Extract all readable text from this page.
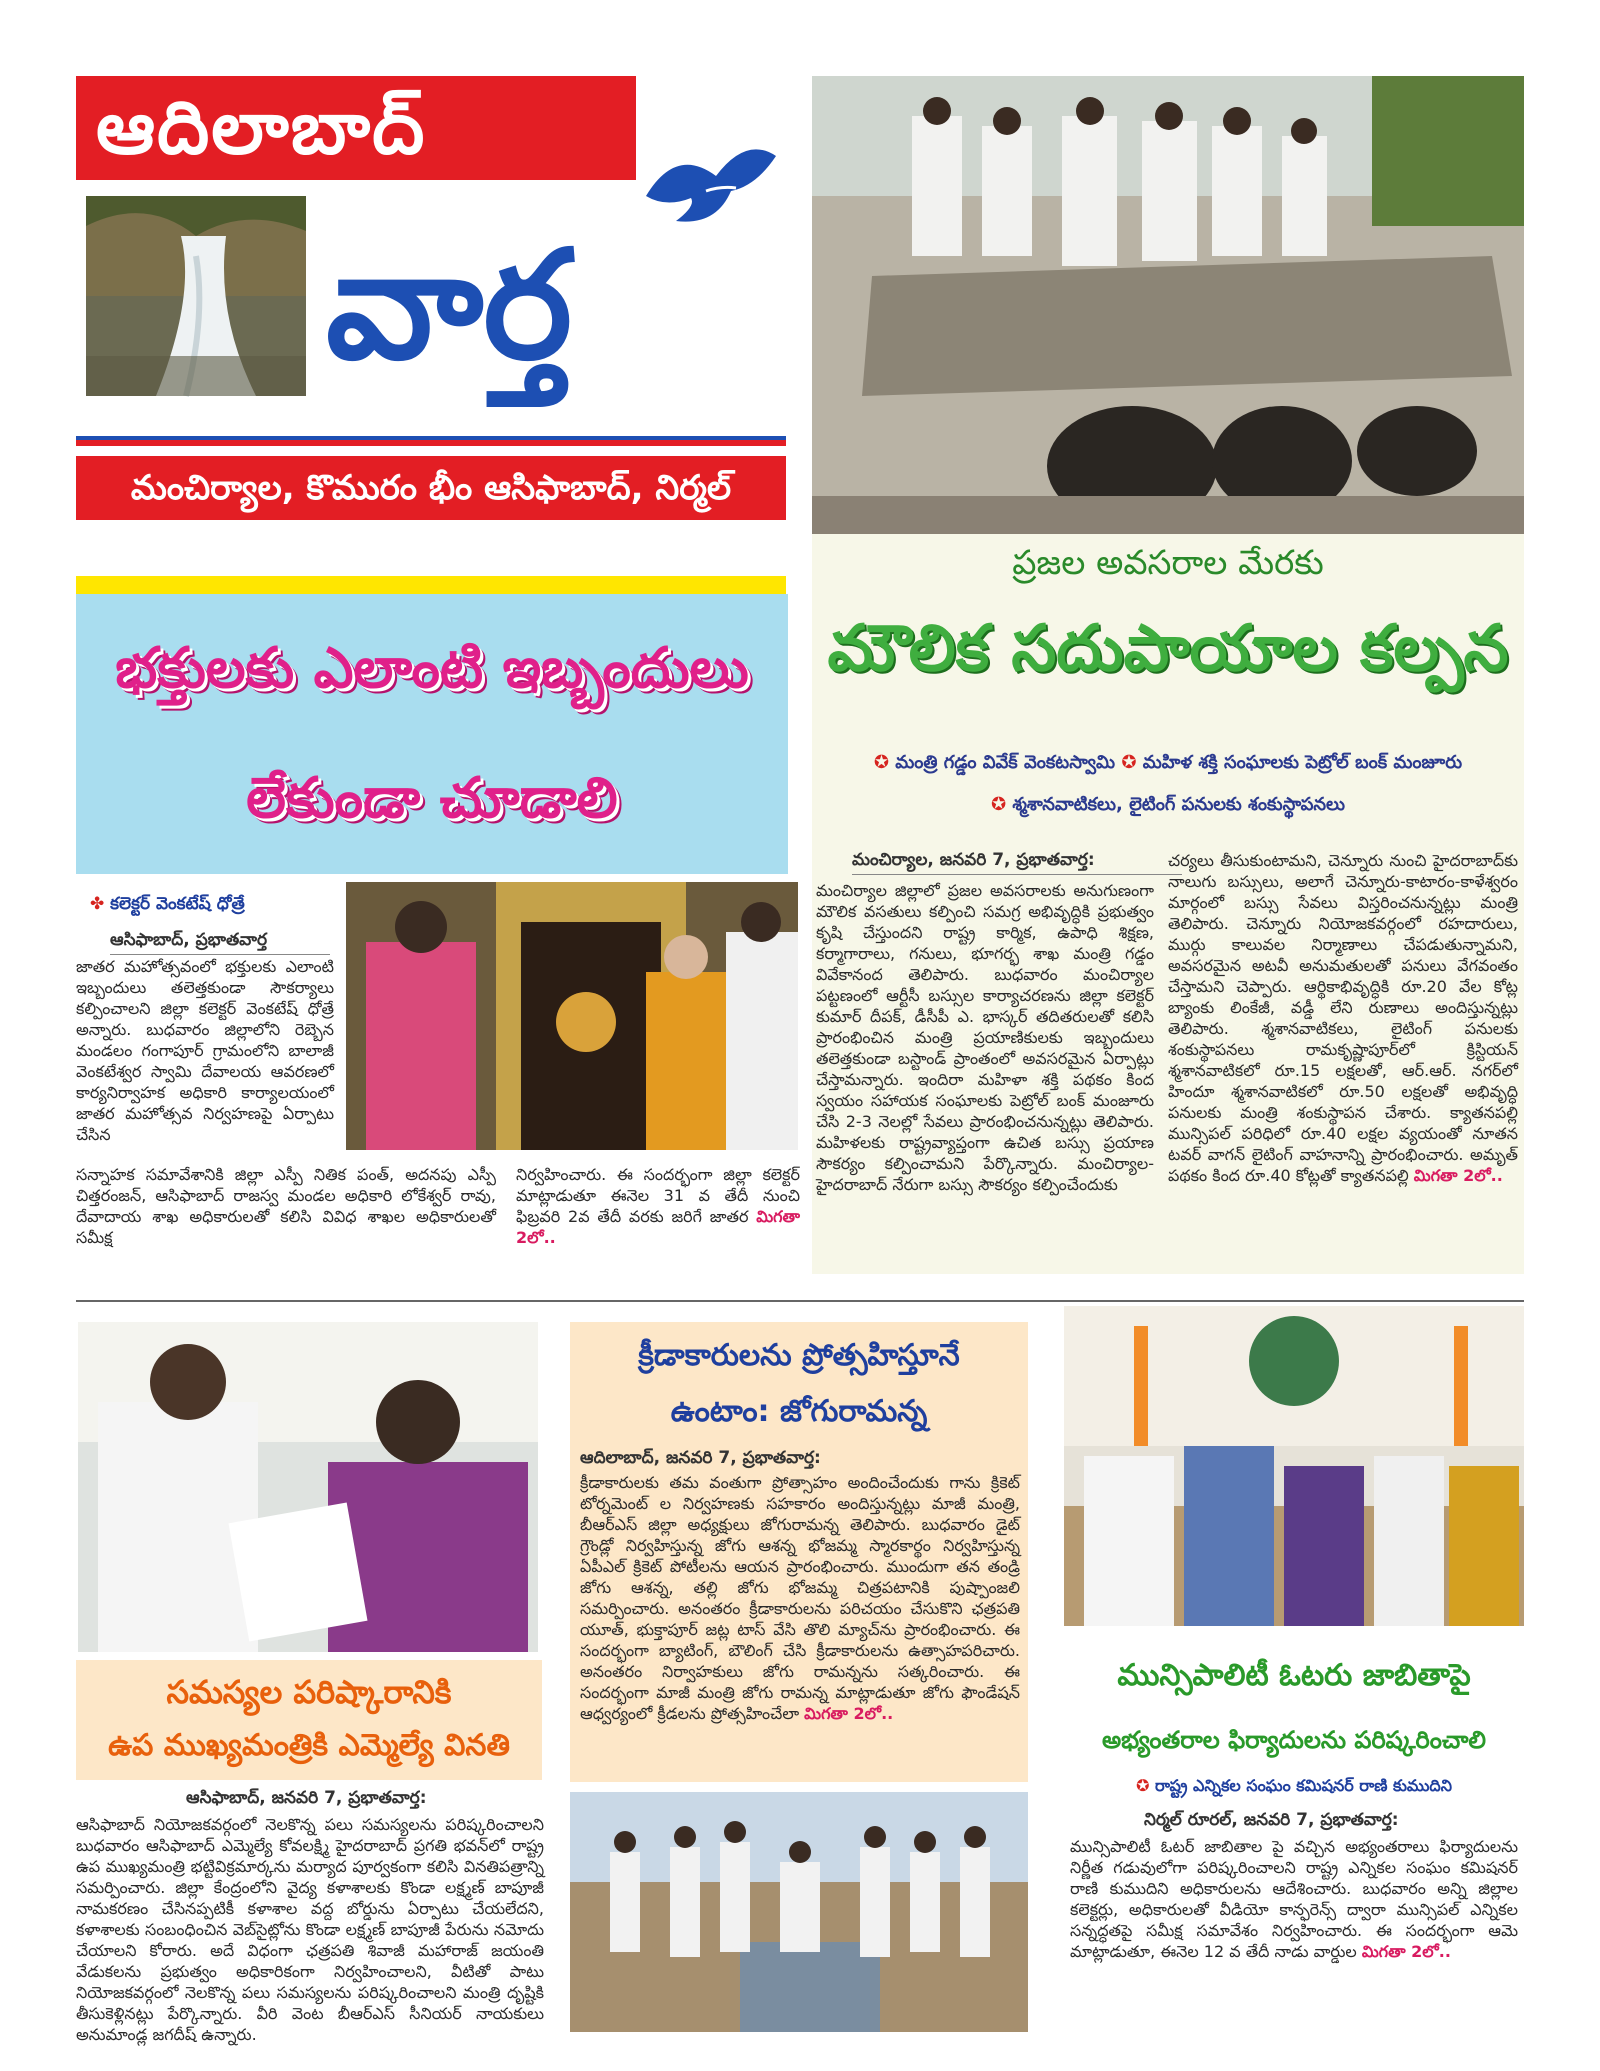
ఆదిలాబాద్
వార్త
మంచిర్యాల, కొమురం భీం ఆసిఫాబాద్, నిర్మల్
ప్రజల అవసరాల మేరకు
మౌలిక సదుపాయాల కల్పన
✪ మంత్రి గడ్డం వివేక్ వెంకటస్వామి ✪ మహిళ శక్తి సంఘాలకు పెట్రోల్ బంక్ మంజూరు
✪ శ్మశానవాటికలు, లైటింగ్ పనులకు శంకుస్థాపనలు
మంచిర్యాల, జనవరి 7, ప్రభాతవార్త:
మంచిర్యాల జిల్లాలో ప్రజల అవసరాలకు అనుగుణంగా మౌలిక వసతులు కల్పించి సమగ్ర అభివృద్ధికి ప్రభుత్వం కృషి చేస్తుందని రాష్ట్ర కార్మిక, ఉపాధి శిక్షణ, కర్మాగారాలు, గనులు, భూగర్భ శాఖ మంత్రి గడ్డం వివేకానంద తెలిపారు. బుధవారం మంచిర్యాల పట్టణంలో ఆర్టీసీ బస్సుల కార్యాచరణను జిల్లా కలెక్టర్ కుమార్ దీపక్, డీసీపీ ఎ. భాస్కర్ తదితరులతో కలిసి ప్రారంభించిన మంత్రి ప్రయాణికులకు ఇబ్బందులు తలెత్తకుండా బస్టాండ్ ప్రాంతంలో అవసరమైన ఏర్పాట్లు చేస్తామన్నారు. ఇందిరా మహిళా శక్తి పథకం కింద స్వయం సహాయక సంఘాలకు పెట్రోల్ బంక్ మంజూరు చేసి 2-3 నెలల్లో సేవలు ప్రారంభించనున్నట్లు తెలిపారు. మహిళలకు రాష్ట్రవ్యాప్తంగా ఉచిత బస్సు ప్రయాణ సౌకర్యం కల్పించామని పేర్కొన్నారు. మంచిర్యాల-హైదరాబాద్ నేరుగా బస్సు సౌకర్యం కల్పించేందుకు
చర్యలు తీసుకుంటామని, చెన్నూరు నుంచి హైదరాబాద్‌కు నాలుగు బస్సులు, అలాగే చెన్నూరు-కాటారం-కాళేశ్వరం మార్గంలో బస్సు సేవలు విస్తరించనున్నట్లు మంత్రి తెలిపారు. చెన్నూరు నియోజకవర్గంలో రహదారులు, ముర్గు కాలువల నిర్మాణాలు చేపడుతున్నామని, అవసరమైన అటవీ అనుమతులతో పనులు వేగవంతం చేస్తామని చెప్పారు. ఆర్థికాభివృద్ధికి రూ.20 వేల కోట్ల బ్యాంకు లింకేజీ, వడ్డీ లేని రుణాలు అందిస్తున్నట్లు తెలిపారు. శ్మశానవాటికలు, లైటింగ్ పనులకు శంకుస్థాపనలు రామకృష్ణాపూర్‌లో క్రిస్టియన్ శ్మశానవాటికలో రూ.15 లక్షలతో, ఆర్.ఆర్. నగర్‌లో హిందూ శ్మశానవాటికలో రూ.50 లక్షలతో అభివృద్ధి పనులకు మంత్రి శంకుస్థాపన చేశారు. క్యాతనపల్లి మున్సిపల్ పరిధిలో రూ.40 లక్షల వ్యయంతో నూతన టవర్ వాగన్ లైటింగ్ వాహనాన్ని ప్రారంభించారు. అమృత్ పథకం కింద రూ.40 కోట్లతో క్యాతనపల్లి మిగతా 2లో..
భక్తులకు ఎలాంటి ఇబ్బందులు
లేకుండా చూడాలి
✤ కలెక్టర్ వెంకటేష్ ధోత్రే
ఆసిఫాబాద్, ప్రభాతవార్త
జాతర మహోత్సవంలో భక్తులకు ఎలాంటి ఇబ్బందులు తలెత్తకుండా సౌకర్యాలు కల్పించాలని జిల్లా కలెక్టర్ వెంకటేష్ ధోత్రే అన్నారు. బుధవారం జిల్లాలోని రెబ్బెన మండలం గంగాపూర్ గ్రామంలోని బాలాజీ వెంకటేశ్వర స్వామి దేవాలయ ఆవరణలో కార్యనిర్వాహక అధికారి కార్యాలయంలో జాతర మహోత్సవ నిర్వహణపై ఏర్పాటు చేసిన
సన్నాహక సమావేశానికి జిల్లా ఎస్పీ నితిక పంత్, అదనపు ఎస్పీ చిత్తరంజన్, ఆసిఫాబాద్ రాజస్వ మండల అధికారి లోకేశ్వర్ రావు, దేవాదాయ శాఖ అధికారులతో కలిసి వివిధ శాఖల అధికారులతో సమీక్ష
నిర్వహించారు. ఈ సందర్భంగా జిల్లా కలెక్టర్ మాట్లాడుతూ ఈనెల 31 వ తేదీ నుంచి ఫిబ్రవరి 2వ తేదీ వరకు జరిగే జాతర మిగతా 2లో..
సమస్యల పరిష్కారానికి
ఉప ముఖ్యమంత్రికి ఎమ్మెల్యే వినతి
ఆసిఫాబాద్, జనవరి 7, ప్రభాతవార్త:
ఆసిఫాబాద్ నియోజకవర్గంలో నెలకొన్న పలు సమస్యలను పరిష్కరించాలని బుధవారం ఆసిఫాబాద్ ఎమ్మెల్యే కోవలక్ష్మి హైదరాబాద్ ప్రగతి భవన్‌లో రాష్ట్ర ఉప ముఖ్యమంత్రి భట్టివిక్రమార్కను మర్యాద పూర్వకంగా కలిసి వినతిపత్రాన్ని సమర్పించారు. జిల్లా కేంద్రంలోని వైద్య కళాశాలకు కొండా లక్ష్మణ్ బాపూజీ నామకరణం చేసినప్పటికీ కళాశాల వద్ద బోర్డును ఏర్పాటు చేయలేదని, కళాశాలకు సంబంధించిన వెబ్‌సైట్లోను కొండా లక్ష్మణ్ బాపూజీ పేరును నమోదు చేయాలని కోరారు. అదే విధంగా ఛత్రపతి శివాజీ మహారాజ్ జయంతి వేడుకలను ప్రభుత్వం అధికారికంగా నిర్వహించాలని, వీటితో పాటు నియోజకవర్గంలో నెలకొన్న పలు సమస్యలను పరిష్కరించాలని మంత్రి దృష్టికి తీసుకెళ్లినట్లు పేర్కొన్నారు. వీరి వెంట బీఆర్ఎస్ సీనియర్ నాయకులు అనుమాండ్ల జగదీష్ ఉన్నారు.
క్రీడాకారులను ప్రోత్సహిస్తూనే
ఉంటాం: జోగురామన్న
ఆదిలాబాద్, జనవరి 7, ప్రభాతవార్త:
క్రీడాకారులకు తమ వంతుగా ప్రోత్సాహం అందించేందుకు గాను క్రికెట్ టోర్నమెంట్ ల నిర్వహణకు సహకారం అందిస్తున్నట్లు మాజీ మంత్రి, బీఆర్ఎస్ జిల్లా అధ్యక్షులు జోగురామన్న తెలిపారు. బుధవారం డైట్ గ్రౌండ్లో నిర్వహిస్తున్న జోగు ఆశన్న భోజమ్మ స్మారకార్థం నిర్వహిస్తున్న ఏపీఎల్ క్రికెట్ పోటీలను ఆయన ప్రారంభించారు. ముందుగా తన తండ్రి జోగు ఆశన్న, తల్లి జోగు భోజమ్మ చిత్రపటానికి పుష్పాంజలి సమర్పించారు. అనంతరం క్రీడాకారులను పరిచయం చేసుకొని ఛత్రపతి యూత్, భుక్తాపూర్ జట్ల టాస్ వేసి తొలి మ్యాచ్‌ను ప్రారంభించారు. ఈ సందర్భంగా బ్యాటింగ్, బౌలింగ్ చేసి క్రీడాకారులను ఉత్సాహపరిచారు. అనంతరం నిర్వాహకులు జోగు రామన్నను సత్కరించారు. ఈ సందర్భంగా మాజీ మంత్రి జోగు రామన్న మాట్లాడుతూ జోగు ఫౌండేషన్ ఆధ్వర్యంలో క్రీడలను ప్రోత్సహించేలా మిగతా 2లో..
మున్సిపాలిటీ ఓటరు జాబితాపై
అభ్యంతరాల ఫిర్యాదులను పరిష్కరించాలి
✪ రాష్ట్ర ఎన్నికల సంఘం కమిషనర్ రాణి కుముదిని
నిర్మల్ రూరల్, జనవరి 7, ప్రభాతవార్త:
మున్సిపాలిటీ ఓటర్ జాబితాల పై వచ్చిన అభ్యంతరాలు ఫిర్యాదులను నిర్ణీత గడువులోగా పరిష్కరించాలని రాష్ట్ర ఎన్నికల సంఘం కమిషనర్ రాణి కుముదిని అధికారులను ఆదేశించారు. బుధవారం అన్ని జిల్లాల కలెక్టర్లు, అధికారులతో వీడియో కాన్ఫరెన్స్ ద్వారా మున్సిపల్ ఎన్నికల సన్నద్ధతపై సమీక్ష సమావేశం నిర్వహించారు. ఈ సందర్భంగా ఆమె మాట్లాడుతూ, ఈనెల 12 వ తేదీ నాడు వార్డుల మిగతా 2లో..
